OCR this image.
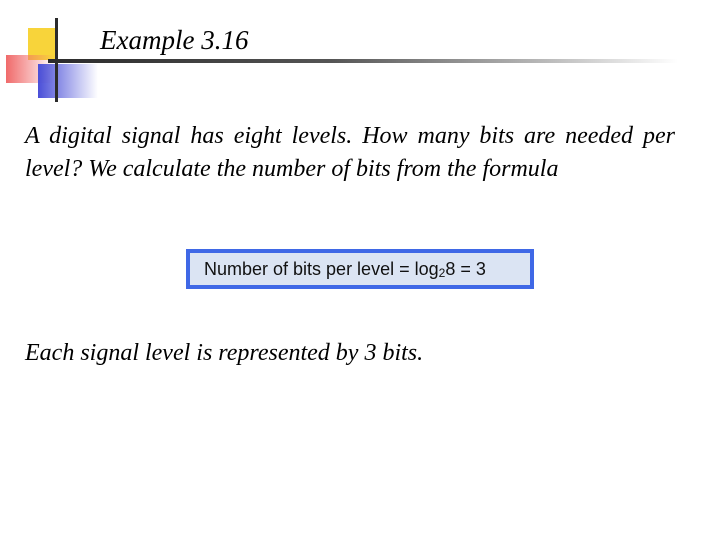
Example 3.16

A digital signal has eight levels. How many bits are needed per level? We calculate the number of bits from the formula

Number of bits per level = $\log_2 8 = 3$

Each signal level is represented by 3 bits.
